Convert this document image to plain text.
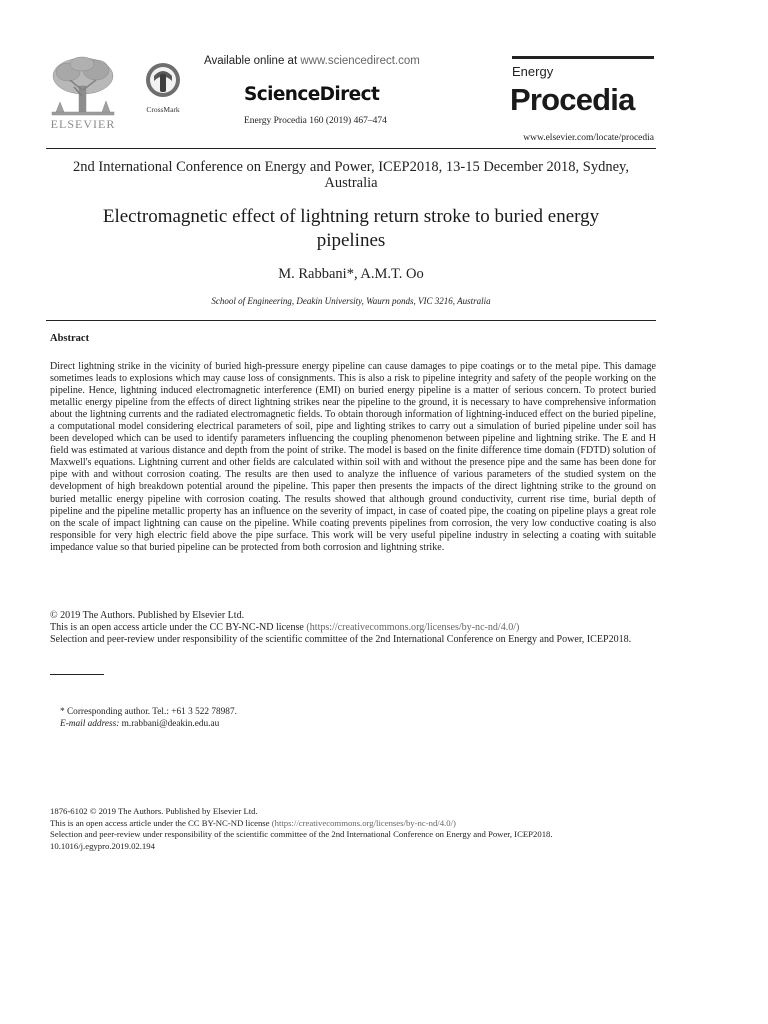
ELSEVIER
CrossMark
Available online at www.sciencedirect.com
ScienceDirect
Energy Procedia 160 (2019) 467–474
Energy
Procedia
www.elsevier.com/locate/procedia
2nd International Conference on Energy and Power, ICEP2018, 13-15 December 2018, Sydney,
Australia
Electromagnetic effect of lightning return stroke to buried energy
pipelines
M. Rabbani*, A.M.T. Oo
School of Engineering, Deakin University, Waurn ponds, VIC 3216, Australia
Abstract

Direct lightning strike in the vicinity of buried high-pressure energy pipeline can cause damages to pipe coatings or to the metal pipe. This damage sometimes leads to explosions which may cause loss of consignments. This is also a risk to pipeline integrity and safety of the people working on the pipeline. Hence, lightning induced electromagnetic interference (EMI) on buried energy pipeline is a matter of serious concern. To protect buried metallic energy pipeline from the effects of direct lightning strikes near the pipeline to the ground, it is necessary to have comprehensive information about the lightning currents and the radiated electromagnetic fields. To obtain thorough information of lightning-induced effect on the buried pipeline, a computational model considering electrical parameters of soil, pipe and lighting strikes to carry out a simulation of buried pipeline under soil has been developed which can be used to identify parameters influencing the coupling phenomenon between pipeline and lightning strike. The E and H field was estimated at various distance and depth from the point of strike. The model is based on the finite difference time domain (FDTD) solution of Maxwell's equations. Lightning current and other fields are calculated within soil with and without the presence pipe and the same has been done for pipe with and without corrosion coating. The results are then used to analyze the influence of various parameters of the studied system on the development of high breakdown potential around the pipeline. This paper then presents the impacts of the direct lightning strike to the ground on buried metallic energy pipeline with corrosion coating. The results showed that although ground conductivity, current rise time, burial depth of pipeline and the pipeline metallic property has an influence on the severity of impact, in case of coated pipe, the coating on pipeline plays a great role on the scale of impact lightning can cause on the pipeline. While coating prevents pipelines from corrosion, the very low conductive coating is also responsible for very high electric field above the pipe surface. This work will be very useful pipeline industry in selecting a coating with suitable impedance value so that buried pipeline can be protected from both corrosion and lightning strike.

© 2019 The Authors. Published by Elsevier Ltd.
This is an open access article under the CC BY-NC-ND license (https://creativecommons.org/licenses/by-nc-nd/4.0/)
Selection and peer-review under responsibility of the scientific committee of the 2nd International Conference on Energy and Power, ICEP2018.
* Corresponding author. Tel.: +61 3 522 78987.
E-mail address: m.rabbani@deakin.edu.au
1876-6102 © 2019 The Authors. Published by Elsevier Ltd.
This is an open access article under the CC BY-NC-ND license (https://creativecommons.org/licenses/by-nc-nd/4.0/)
Selection and peer-review under responsibility of the scientific committee of the 2nd International Conference on Energy and Power, ICEP2018.
10.1016/j.egypro.2019.02.194
